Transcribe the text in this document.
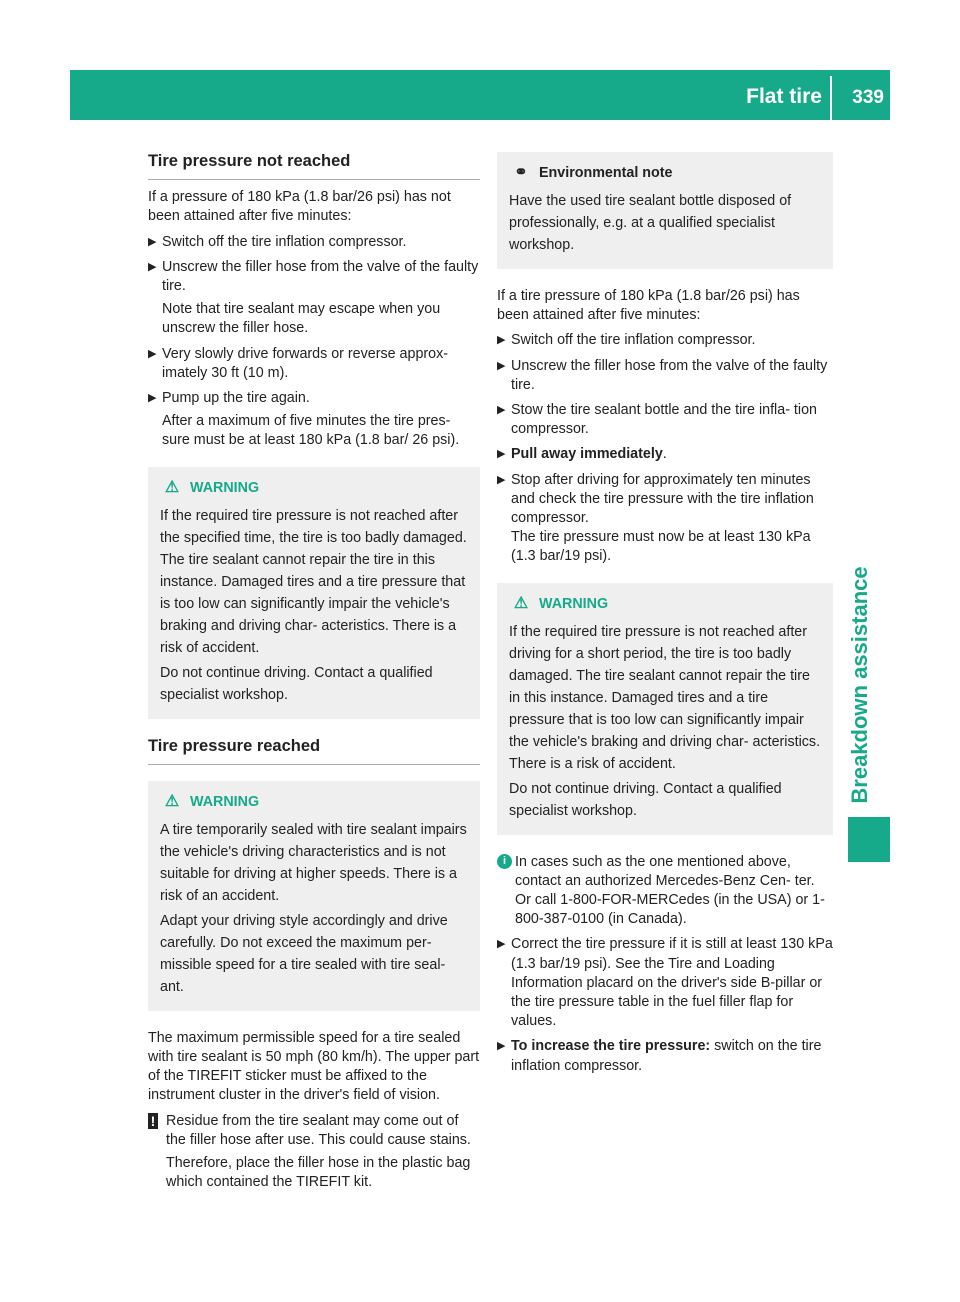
Flat tire 339
Breakdown assistance
Tire pressure not reached

If a pressure of 180 kPa (1.8 bar/26 psi) has not been attained after five minutes:

▶ Switch off the tire inflation compressor.

▶ Unscrew the filler hose from the valve of the faulty tire.

Note that tire sealant may escape when you unscrew the filler hose.

▶ Very slowly drive forwards or reverse approx- imately 30 ft (10 m).

▶ Pump up the tire again.

After a maximum of five minutes the tire pres- sure must be at least 180 kPa (1.8 bar/ 26 psi).

⚠ WARNING

If the required tire pressure is not reached after the specified time, the tire is too badly damaged. The tire sealant cannot repair the tire in this instance. Damaged tires and a tire pressure that is too low can significantly impair the vehicle's braking and driving char- acteristics. There is a risk of accident.

Do not continue driving. Contact a qualified specialist workshop.

Tire pressure reached
⚠ WARNING

A tire temporarily sealed with tire sealant impairs the vehicle's driving characteristics and is not suitable for driving at higher speeds. There is a risk of an accident.

Adapt your driving style accordingly and drive carefully. Do not exceed the maximum per- missible speed for a tire sealed with tire seal- ant.

The maximum permissible speed for a tire sealed with tire sealant is 50 mph (80 km/h). The upper part of the TIREFIT sticker must be affixed to the instrument cluster in the driver's field of vision.

! Residue from the tire sealant may come out of the filler hose after use. This could cause stains.

Therefore, place the filler hose in the plastic bag which contained the TIREFIT kit.

⚭ Environmental note

Have the used tire sealant bottle disposed of professionally, e.g. at a qualified specialist workshop.

If a tire pressure of 180 kPa (1.8 bar/26 psi) has been attained after five minutes:

▶ Switch off the tire inflation compressor.

▶ Unscrew the filler hose from the valve of the faulty tire.

▶ Stow the tire sealant bottle and the tire infla- tion compressor.

▶ Pull away immediately.

▶ Stop after driving for approximately ten minutes and check the tire pressure with the tire inflation compressor.

The tire pressure must now be at least 130 kPa (1.3 bar/19 psi).

⚠ WARNING

If the required tire pressure is not reached after driving for a short period, the tire is too badly damaged. The tire sealant cannot repair the tire in this instance. Damaged tires and a tire pressure that is too low can significantly impair the vehicle's braking and driving char- acteristics. There is a risk of accident.

Do not continue driving. Contact a qualified specialist workshop.

i In cases such as the one mentioned above, contact an authorized Mercedes-Benz Cen- ter. Or call 1-800-FOR-MERCedes (in the USA) or 1-800-387-0100 (in Canada).

▶ Correct the tire pressure if it is still at least 130 kPa (1.3 bar/19 psi). See the Tire and Loading Information placard on the driver's side B-pillar or the tire pressure table in the fuel filler flap for values.

▶ To increase the tire pressure: switch on the tire inflation compressor.
